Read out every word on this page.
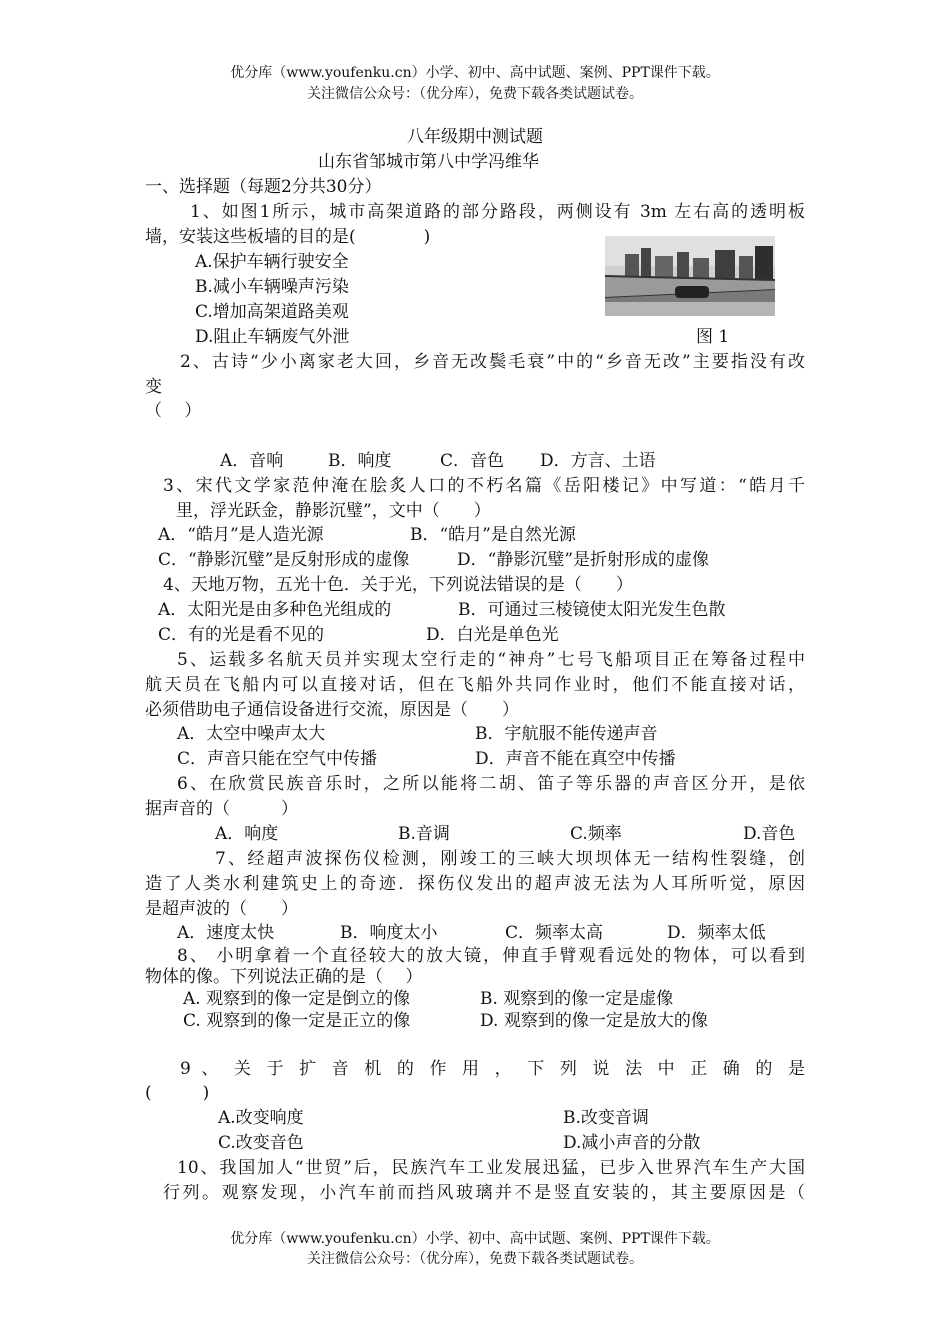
优分库（www.youfenku.cn）小学、初中、高中试题、案例、PPT课件下载。
关注微信公众号：（优分库），免费下载各类试题试卷。
八年级期中测试题
山东省邹城市第八中学冯维华
一、选择题（每题2分共30分）
1、如图1所示，城市高架道路的部分路段，两侧设有 3m 左右高的透明板
墙，安装这些板墙的目的是(　　　　)
A.保护车辆行驶安全
B.减小车辆噪声污染
C.增加高架道路美观
D.阻止车辆废气外泄	图 1
2、古诗“少小离家老大回，乡音无改鬓毛衰”中的“乡音无改”主要指没有改
变
（　 ）
A．音响	B．响度	C．音色 D．方言、土语
3、宋代文学家范仲淹在脍炙人口的不朽名篇《岳阳楼记》中写道：“皓月千
里，浮光跃金，静影沉璧”，文中（　　）
A．“皓月”是人造光源	B．“皓月”是自然光源
C．“静影沉璧”是反射形成的虚像	D．“静影沉璧”是折射形成的虚像
4、天地万物，五光十色．关于光，下列说法错误的是（　　）
A．太阳光是由多种色光组成的	B．可通过三棱镜使太阳光发生色散
C．有的光是看不见的	D．白光是单色光
5、运载多名航天员并实现太空行走的“神舟”七号飞船项目正在筹备过程中
航天员在飞船内可以直接对话，但在飞船外共同作业时，他们不能直接对话，
必须借助电子通信设备进行交流，原因是（　　）
A．太空中噪声太大	B．宇航服不能传递声音
C．声音只能在空气中传播	D．声音不能在真空中传播
6、在欣赏民族音乐时，之所以能将二胡、笛子等乐器的声音区分开，是依
据声音的（　　　）
A．响度	B.音调	C.频率	D.音色
7、经超声波探伤仪检测，刚竣工的三峡大坝坝体无一结构性裂缝，创
造了人类水利建筑史上的奇迹．探伤仪发出的超声波无法为人耳所听觉，原因
是超声波的（　　）
A．速度太快	B．响度太小	C．频率太高	D．频率太低
8、 小明拿着一个直径较大的放大镜，伸直手臂观看远处的物体，可以看到
物体的像。下列说法正确的是（　 ）
A. 观察到的像一定是倒立的像	B. 观察到的像一定是虚像
C. 观察到的像一定是正立的像	D. 观察到的像一定是放大的像
9 、 关 于 扩 音 机 的 作 用 ， 下 列 说 法 中 正 确 的 是
(　　　)
A.改变响度	B.改变音调
C.改变音色	D.减小声音的分散
10、我国加人“世贸”后，民族汽车工业发展迅猛，已步入世界汽车生产大国
行列。观察发现，小汽车前而挡风玻璃并不是竖直安装的，其主要原因是（
优分库（www.youfenku.cn）小学、初中、高中试题、案例、PPT课件下载。
关注微信公众号：（优分库），免费下载各类试题试卷。
